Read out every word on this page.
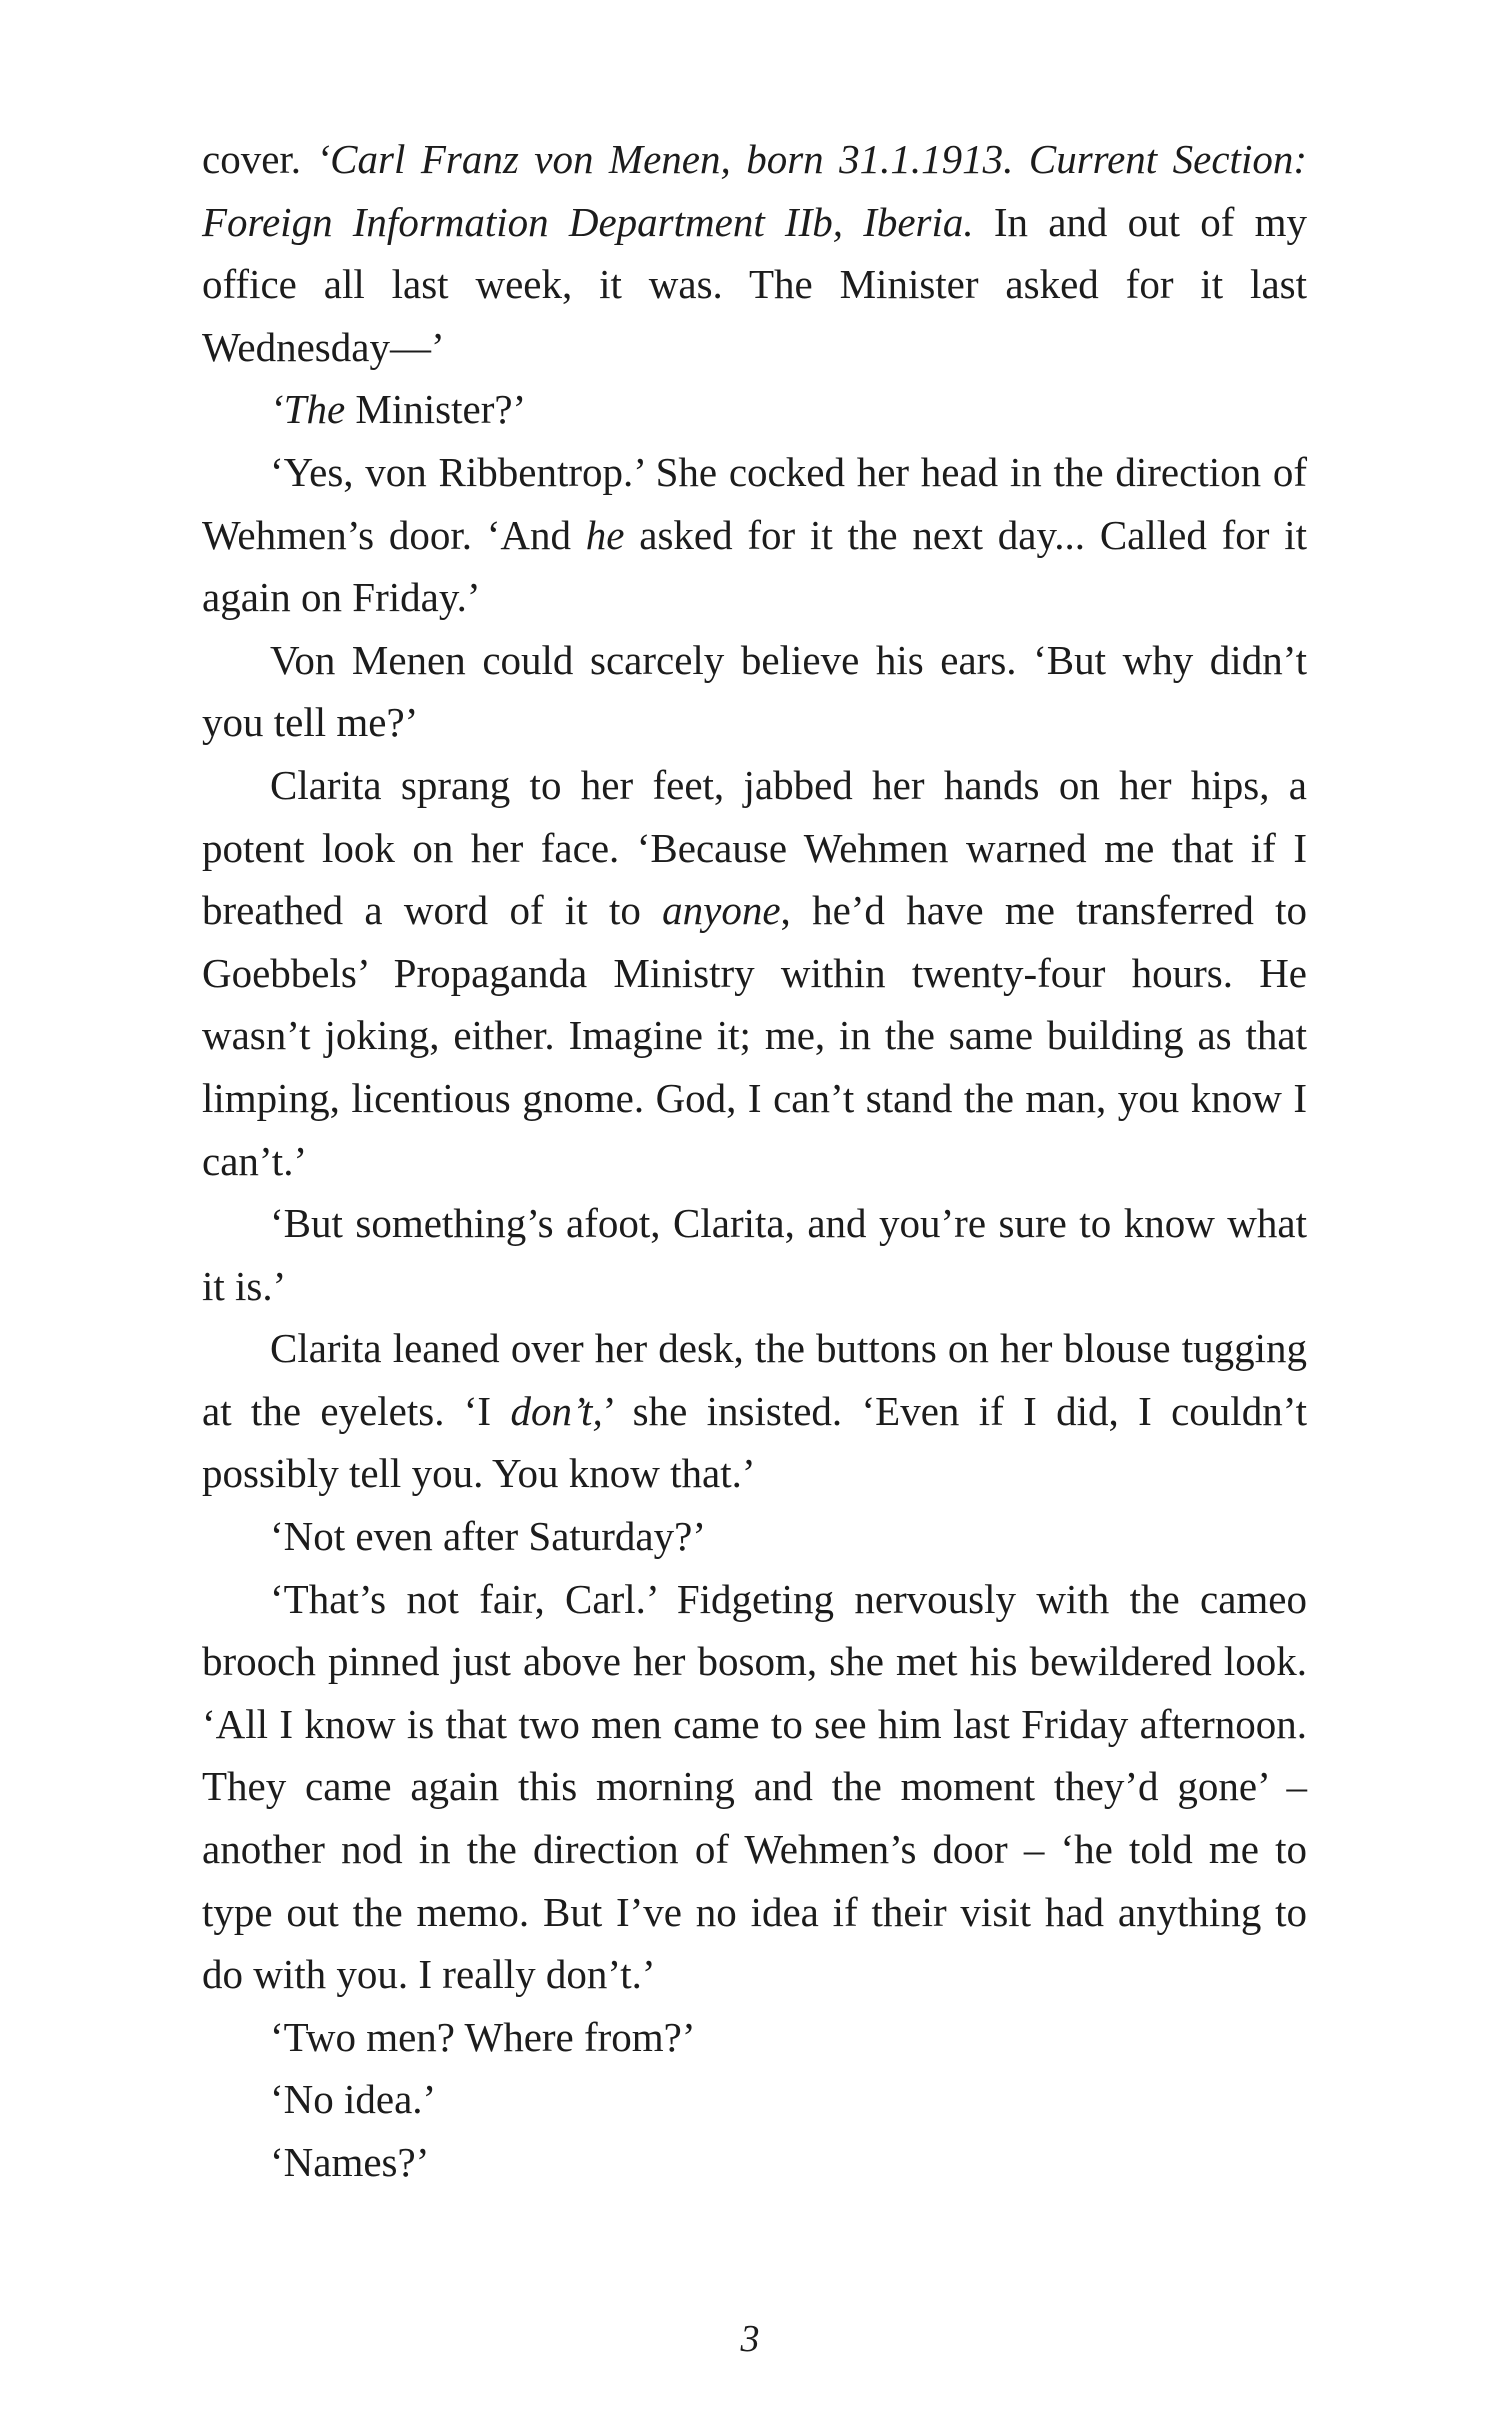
cover. ‘Carl Franz von Menen, born 31.1.1913. Current Section: Foreign Information Department IIb, Iberia. In and out of my office all last week, it was. The Minister asked for it last Wednesday—’

‘The Minister?’

‘Yes, von Ribbentrop.’ She cocked her head in the direction of Wehmen’s door. ‘And he asked for it the next day... Called for it again on Friday.’

Von Menen could scarcely believe his ears. ‘But why didn’t you tell me?’

Clarita sprang to her feet, jabbed her hands on her hips, a potent look on her face. ‘Because Wehmen warned me that if I breathed a word of it to anyone, he’d have me transferred to Goebbels’ Propaganda Ministry within twenty-four hours. He wasn’t joking, either. Imagine it; me, in the same building as that limping, licentious gnome. God, I can’t stand the man, you know I can’t.’

‘But something’s afoot, Clarita, and you’re sure to know what it is.’

Clarita leaned over her desk, the buttons on her blouse tugging at the eyelets. ‘I don’t,’ she insisted. ‘Even if I did, I couldn’t possibly tell you. You know that.’

‘Not even after Saturday?’

‘That’s not fair, Carl.’ Fidgeting nervously with the cameo brooch pinned just above her bosom, she met his bewildered look. ‘All I know is that two men came to see him last Friday afternoon. They came again this morning and the moment they’d gone’ – another nod in the direction of Wehmen’s door – ‘he told me to type out the memo. But I’ve no idea if their visit had anything to do with you. I really don’t.’

‘Two men? Where from?’

‘No idea.’

‘Names?’

3
